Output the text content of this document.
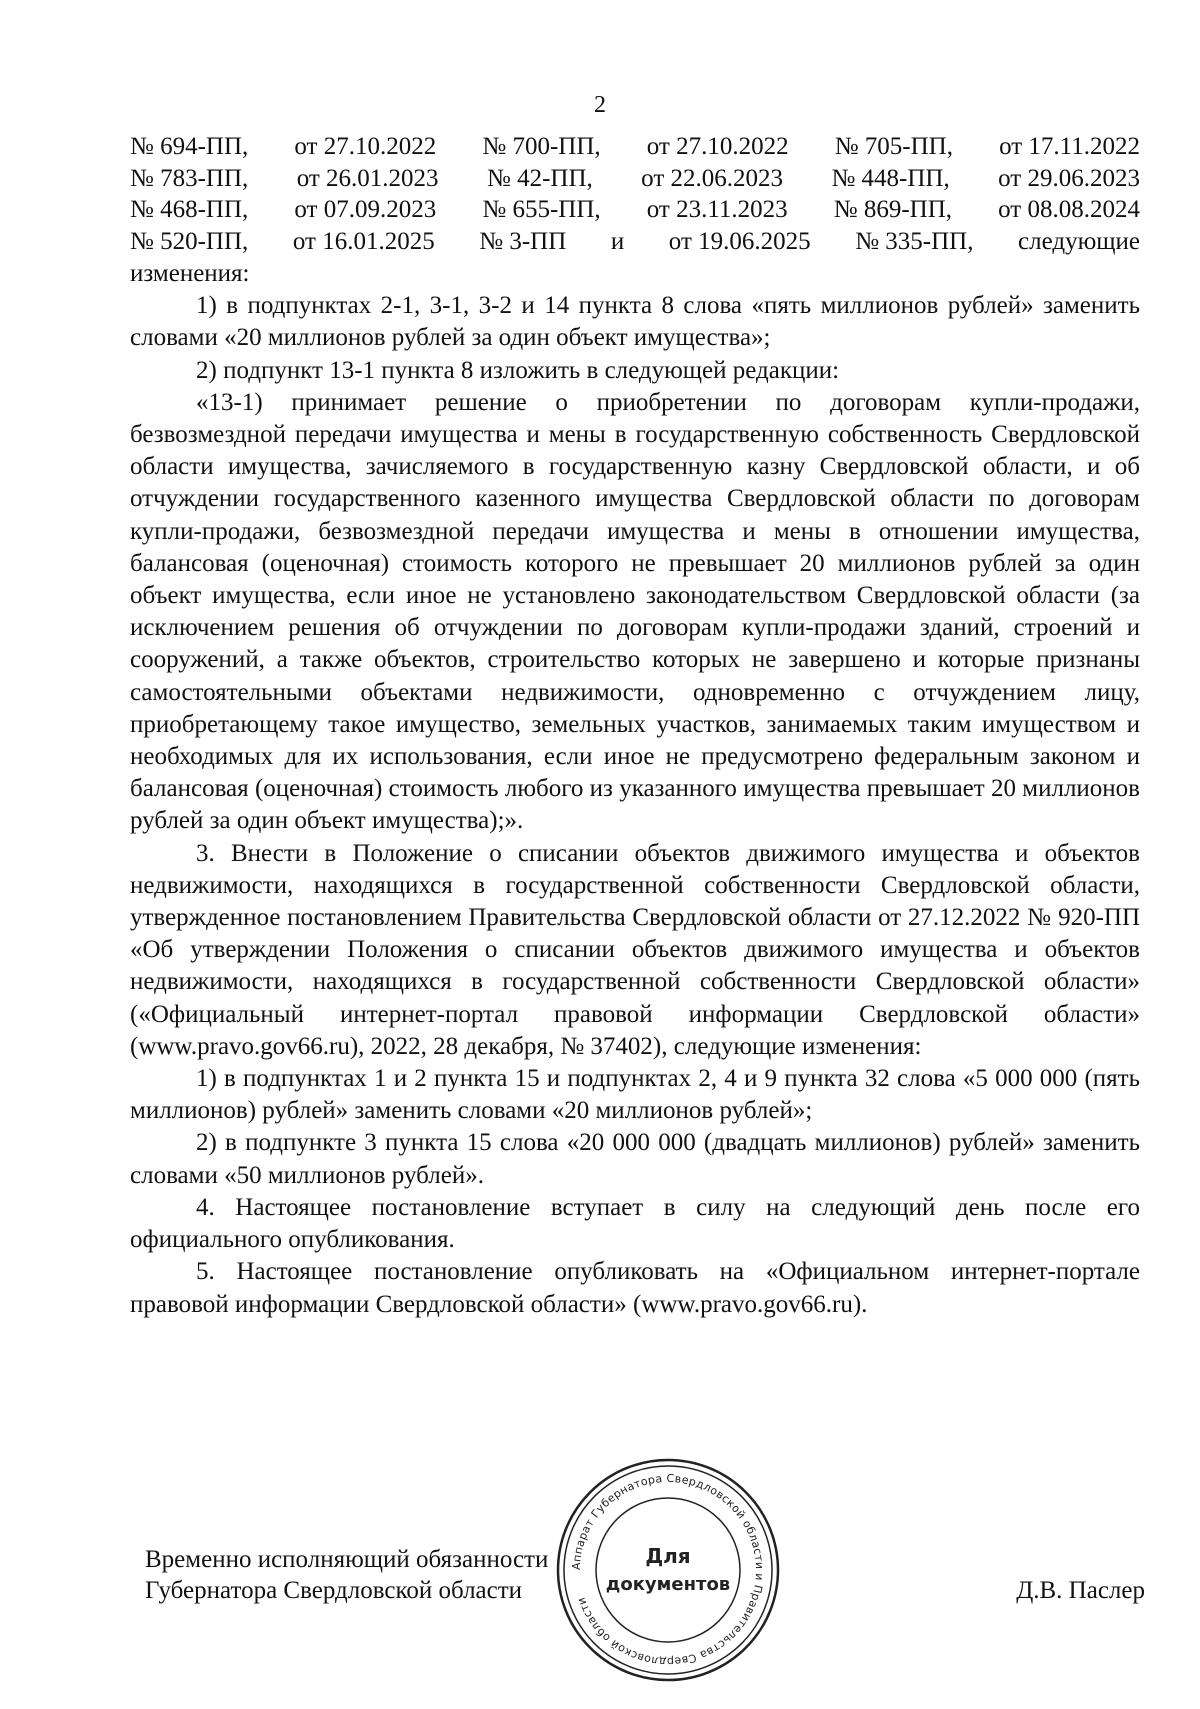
2
№ 694-ПП, от 27.10.2022 № 700-ПП, от 27.10.2022 № 705-ПП, от 17.11.2022
№ 783-ПП, от 26.01.2023 № 42-ПП, от 22.06.2023 № 448-ПП, от 29.06.2023
№ 468-ПП, от 07.09.2023 № 655-ПП, от 23.11.2023 № 869-ПП, от 08.08.2024
№ 520-ПП, от 16.01.2025 № 3-ПП и от 19.06.2025 № 335-ПП, следующие

изменения:

1) в подпунктах 2-1, 3-1, 3-2 и 14 пункта 8 слова «пять миллионов рублей» заменить словами «20 миллионов рублей за один объект имущества»;

2) подпункт 13-1 пункта 8 изложить в следующей редакции:

«13-1) принимает решение о приобретении по договорам купли-продажи, безвозмездной передачи имущества и мены в государственную собственность Свердловской области имущества, зачисляемого в государственную казну Свердловской области, и об отчуждении государственного казенного имущества Свердловской области по договорам купли-продажи, безвозмездной передачи имущества и мены в отношении имущества, балансовая (оценочная) стоимость которого не превышает 20 миллионов рублей за один объект имущества, если иное не установлено законодательством Свердловской области (за исключением решения об отчуждении по договорам купли-продажи зданий, строений и сооружений, а также объектов, строительство которых не завершено и которые признаны самостоятельными объектами недвижимости, одновременно с отчуждением лицу, приобретающему такое имущество, земельных участков, занимаемых таким имуществом и необходимых для их использования, если иное не предусмотрено федеральным законом и балансовая (оценочная) стоимость любого из указанного имущества превышает 20 миллионов рублей за один объект имущества);».

3. Внести в Положение о списании объектов движимого имущества и объектов недвижимости, находящихся в государственной собственности Свердловской области, утвержденное постановлением Правительства Свердловской области от 27.12.2022 № 920-ПП «Об утверждении Положения о списании объектов движимого имущества и объектов недвижимости, находящихся в государственной собственности Свердловской области» («Официальный интернет-портал правовой информации Свердловской области» (www.pravo.gov66.ru), 2022, 28 декабря, № 37402), следующие изменения:

1) в подпунктах 1 и 2 пункта 15 и подпунктах 2, 4 и 9 пункта 32 слова «5 000 000 (пять миллионов) рублей» заменить словами «20 миллионов рублей»;

2) в подпункте 3 пункта 15 слова «20 000 000 (двадцать миллионов) рублей» заменить словами «50 миллионов рублей».

4. Настоящее постановление вступает в силу на следующий день после его официального опубликования.

5. Настоящее постановление опубликовать на «Официальном интернет-портале правовой информации Свердловской области» (www.pravo.gov66.ru).

Временно исполняющий обязанности
Губернатора Свердловской области	Д.В. Паслер
Аппарат Губернатора Свердловской области и Правительства Свердловской области
Для
документов
